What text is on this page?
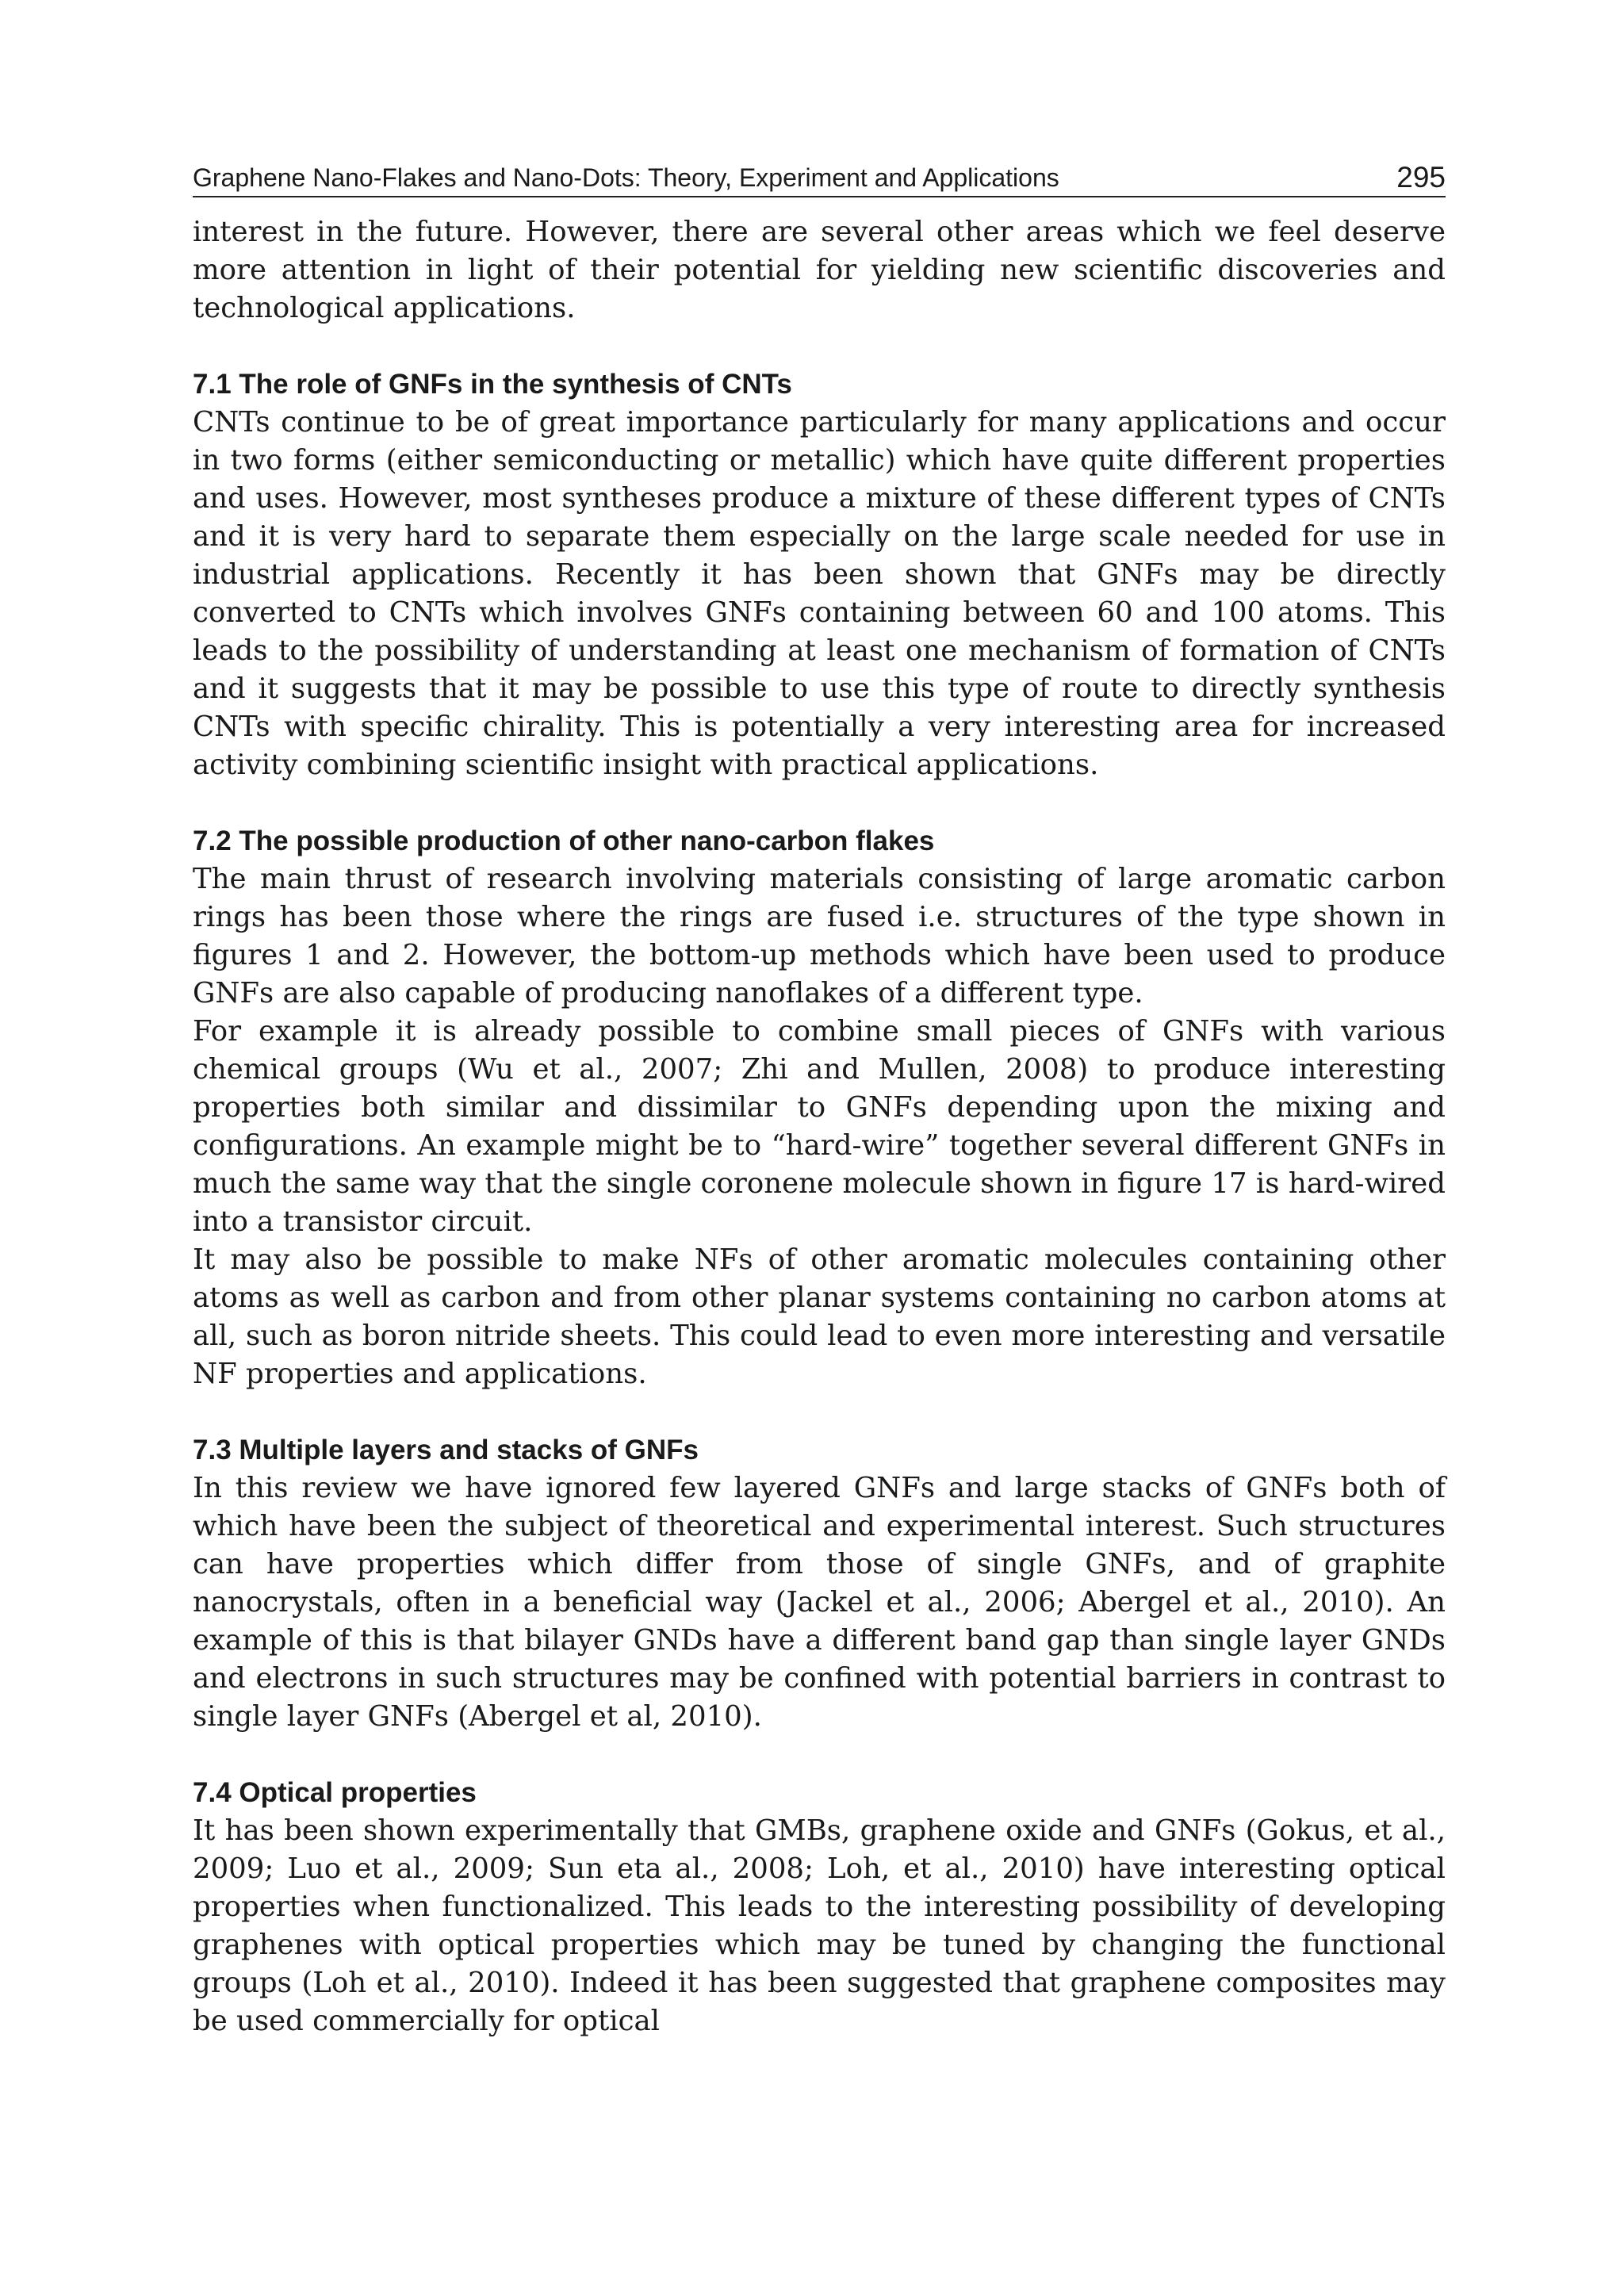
Graphene Nano-Flakes and Nano-Dots: Theory, Experiment and Applications	295

interest in the future. However, there are several other areas which we feel deserve more attention in light of their potential for yielding new scientific discoveries and technological applications.

7.1 The role of GNFs in the synthesis of CNTs

CNTs continue to be of great importance particularly for many applications and occur in two forms (either semiconducting or metallic) which have quite different properties and uses. However, most syntheses produce a mixture of these different types of CNTs and it is very hard to separate them especially on the large scale needed for use in industrial applications. Recently it has been shown that GNFs may be directly converted to CNTs which involves GNFs containing between 60 and 100 atoms. This leads to the possibility of understanding at least one mechanism of formation of CNTs and it suggests that it may be possible to use this type of route to directly synthesis CNTs with specific chirality. This is potentially a very interesting area for increased activity combining scientific insight with practical applications.

7.2 The possible production of other nano-carbon flakes

The main thrust of research involving materials consisting of large aromatic carbon rings has been those where the rings are fused i.e. structures of the type shown in figures 1 and 2. However, the bottom-up methods which have been used to produce GNFs are also capable of producing nanoflakes of a different type.

For example it is already possible to combine small pieces of GNFs with various chemical groups (Wu et al., 2007; Zhi and Mullen, 2008) to produce interesting properties both similar and dissimilar to GNFs depending upon the mixing and configurations. An example might be to “hard-wire” together several different GNFs in much the same way that the single coronene molecule shown in figure 17 is hard-wired into a transistor circuit.

It may also be possible to make NFs of other aromatic molecules containing other atoms as well as carbon and from other planar systems containing no carbon atoms at all, such as boron nitride sheets. This could lead to even more interesting and versatile NF properties and applications.

7.3 Multiple layers and stacks of GNFs

In this review we have ignored few layered GNFs and large stacks of GNFs both of which have been the subject of theoretical and experimental interest. Such structures can have properties which differ from those of single GNFs, and of graphite nanocrystals, often in a beneficial way (Jackel et al., 2006; Abergel et al., 2010). An example of this is that bilayer GNDs have a different band gap than single layer GNDs and electrons in such structures may be confined with potential barriers in contrast to single layer GNFs (Abergel et al, 2010).

7.4 Optical properties

It has been shown experimentally that GMBs, graphene oxide and GNFs (Gokus, et al., 2009; Luo et al., 2009; Sun eta al., 2008; Loh, et al., 2010) have interesting optical properties when functionalized. This leads to the interesting possibility of developing graphenes with optical properties which may be tuned by changing the functional groups (Loh et al., 2010). Indeed it has been suggested that graphene composites may be used commercially for optical
